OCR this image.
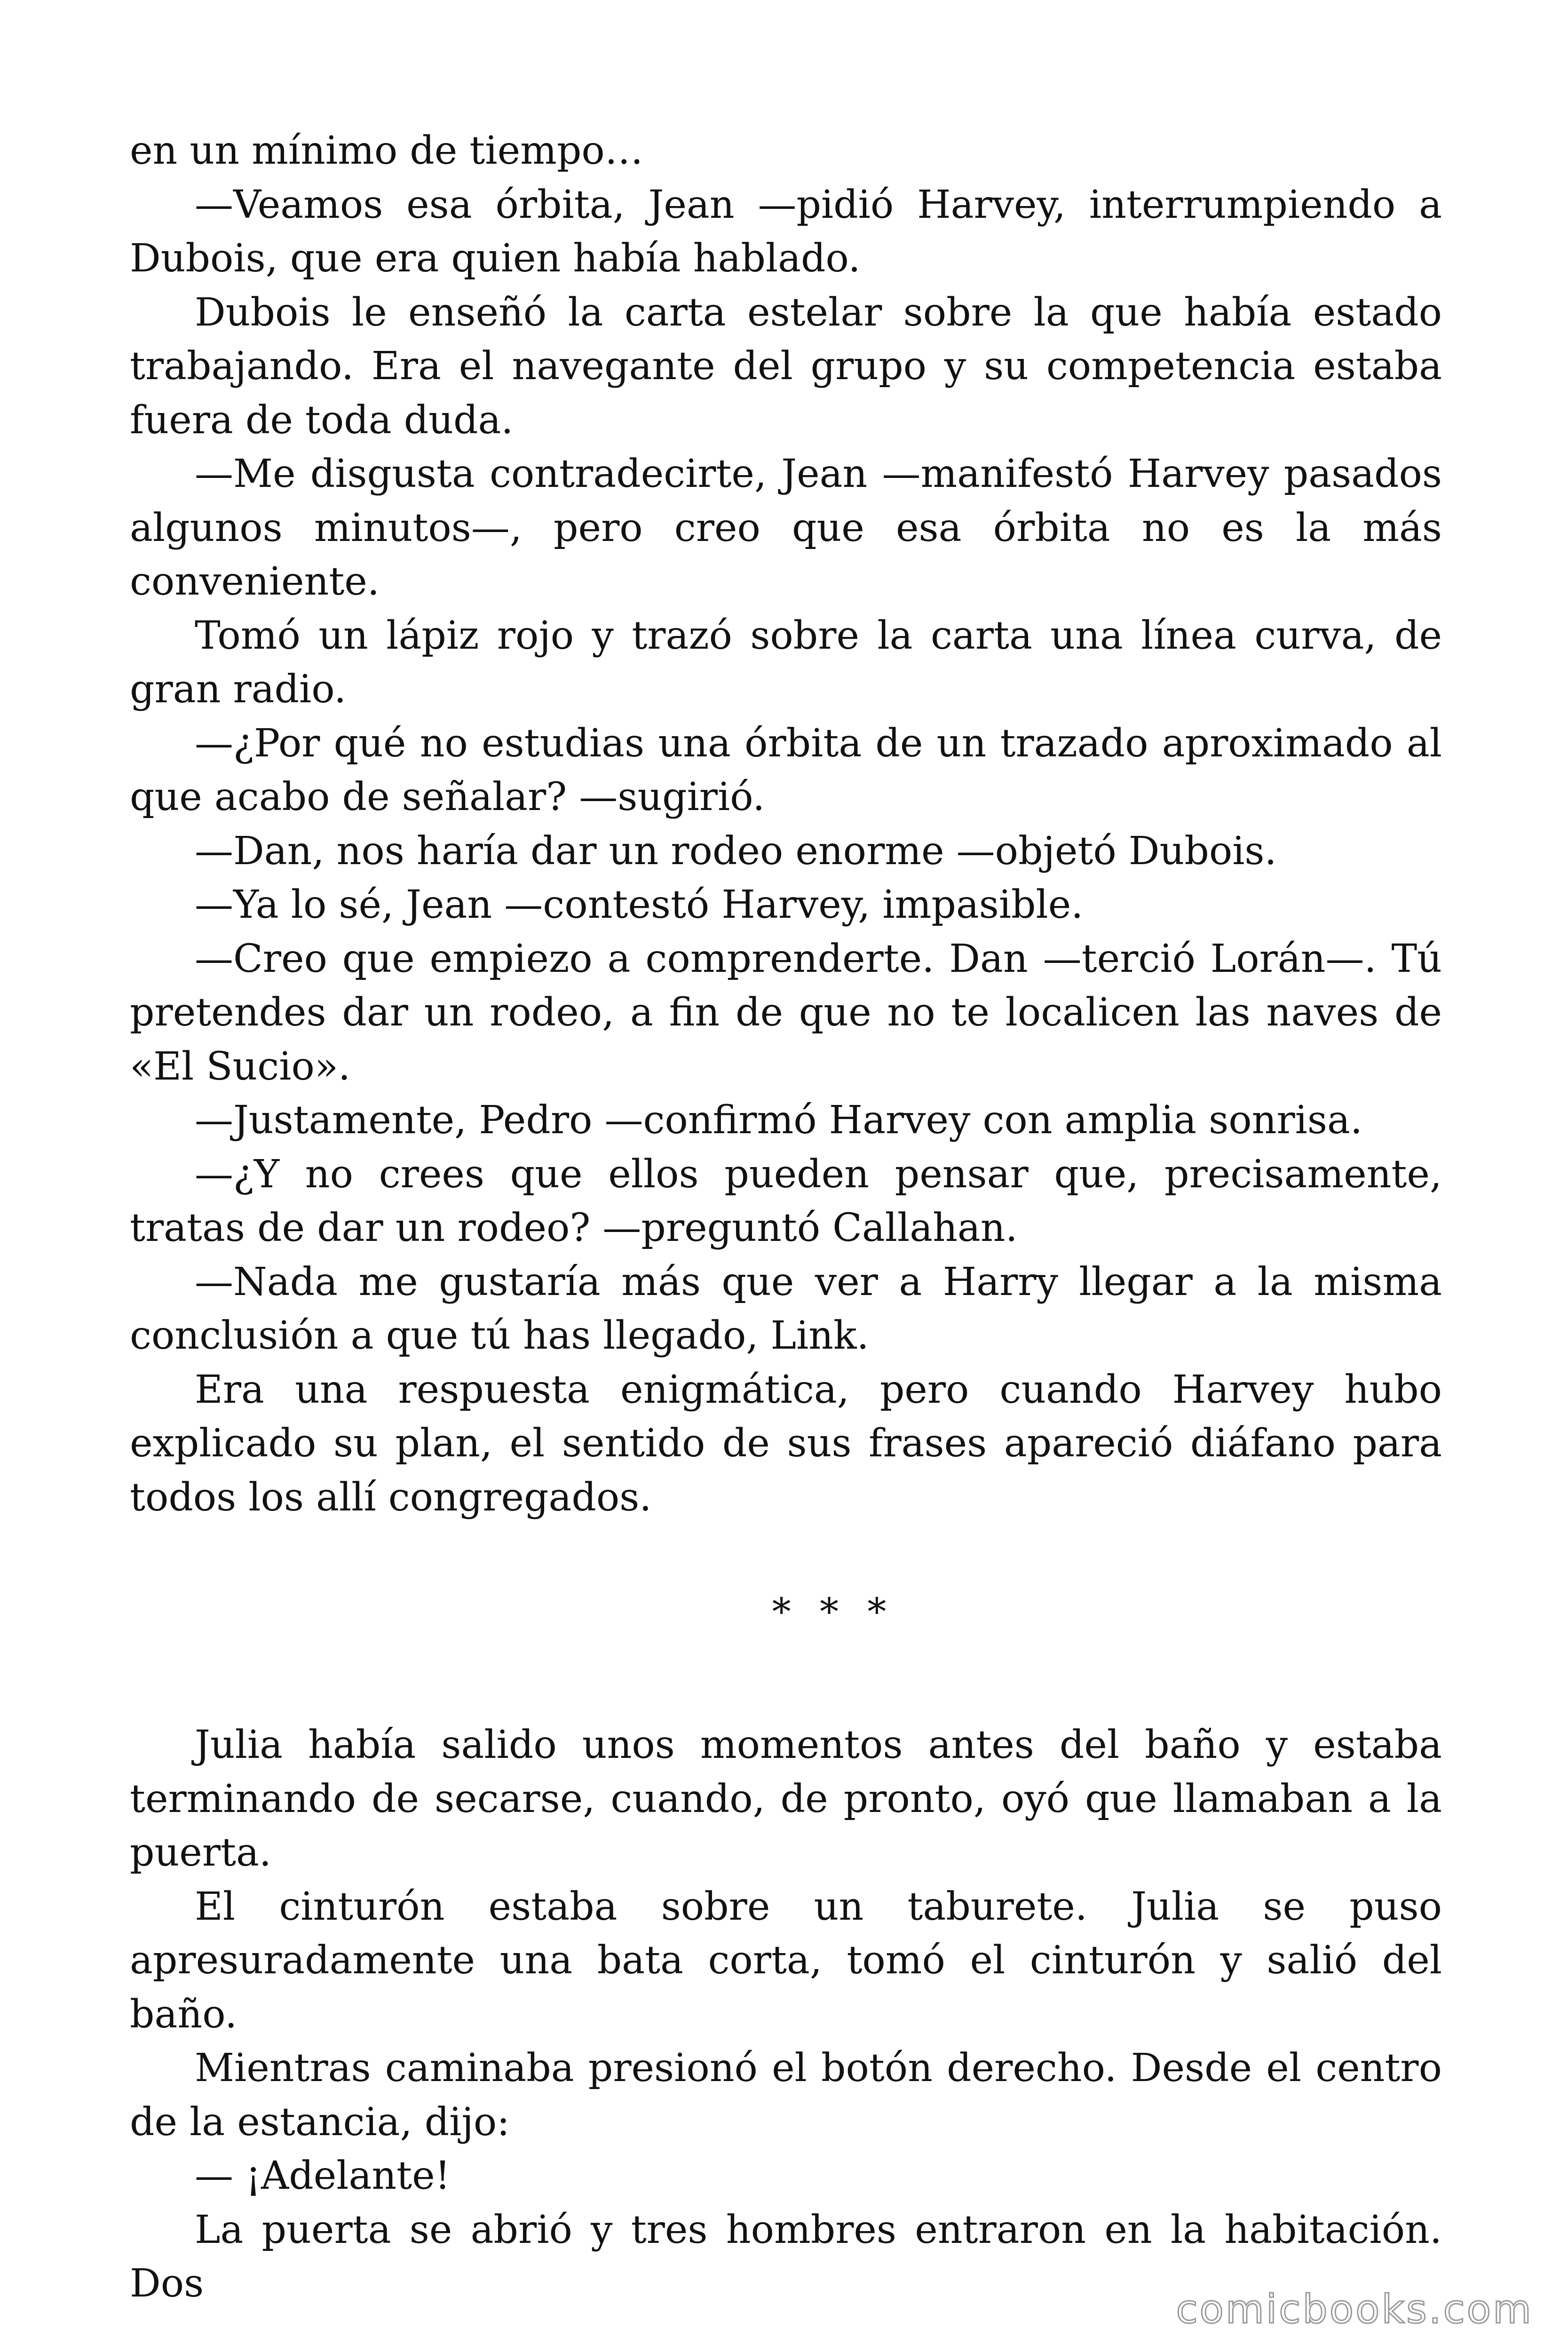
en un mínimo de tiempo…

—Veamos esa órbita, Jean —pidió Harvey, interrumpiendo a Dubois, que era quien había hablado.

Dubois le enseñó la carta estelar sobre la que había estado trabajando. Era el navegante del grupo y su competencia estaba fuera de toda duda.

—Me disgusta contradecirte, Jean —manifestó Harvey pasados algunos minutos—, pero creo que esa órbita no es la más conveniente.

Tomó un lápiz rojo y trazó sobre la carta una línea curva, de gran radio.

—¿Por qué no estudias una órbita de un trazado aproximado al que acabo de señalar? —sugirió.

—Dan, nos haría dar un rodeo enorme —objetó Dubois.

—Ya lo sé, Jean —contestó Harvey, impasible.

—Creo que empiezo a comprenderte. Dan —terció Lorán—. Tú pretendes dar un rodeo, a fin de que no te localicen las naves de «El Sucio».

—Justamente, Pedro —confirmó Harvey con amplia sonrisa.

—¿Y no crees que ellos pueden pensar que, precisamente, tratas de dar un rodeo? —preguntó Callahan.

—Nada me gustaría más que ver a Harry llegar a la misma conclusión a que tú has llegado, Link.

Era una respuesta enigmática, pero cuando Harvey hubo explicado su plan, el sentido de sus frases apareció diáfano para todos los allí congregados.

* * *

Julia había salido unos momentos antes del baño y estaba terminando de secarse, cuando, de pronto, oyó que llamaban a la puerta.

El cinturón estaba sobre un taburete. Julia se puso apresuradamente una bata corta, tomó el cinturón y salió del baño.

Mientras caminaba presionó el botón derecho. Desde el centro de la estancia, dijo:

— ¡Adelante!

La puerta se abrió y tres hombres entraron en la habitación. Dos

comicbooks.com
